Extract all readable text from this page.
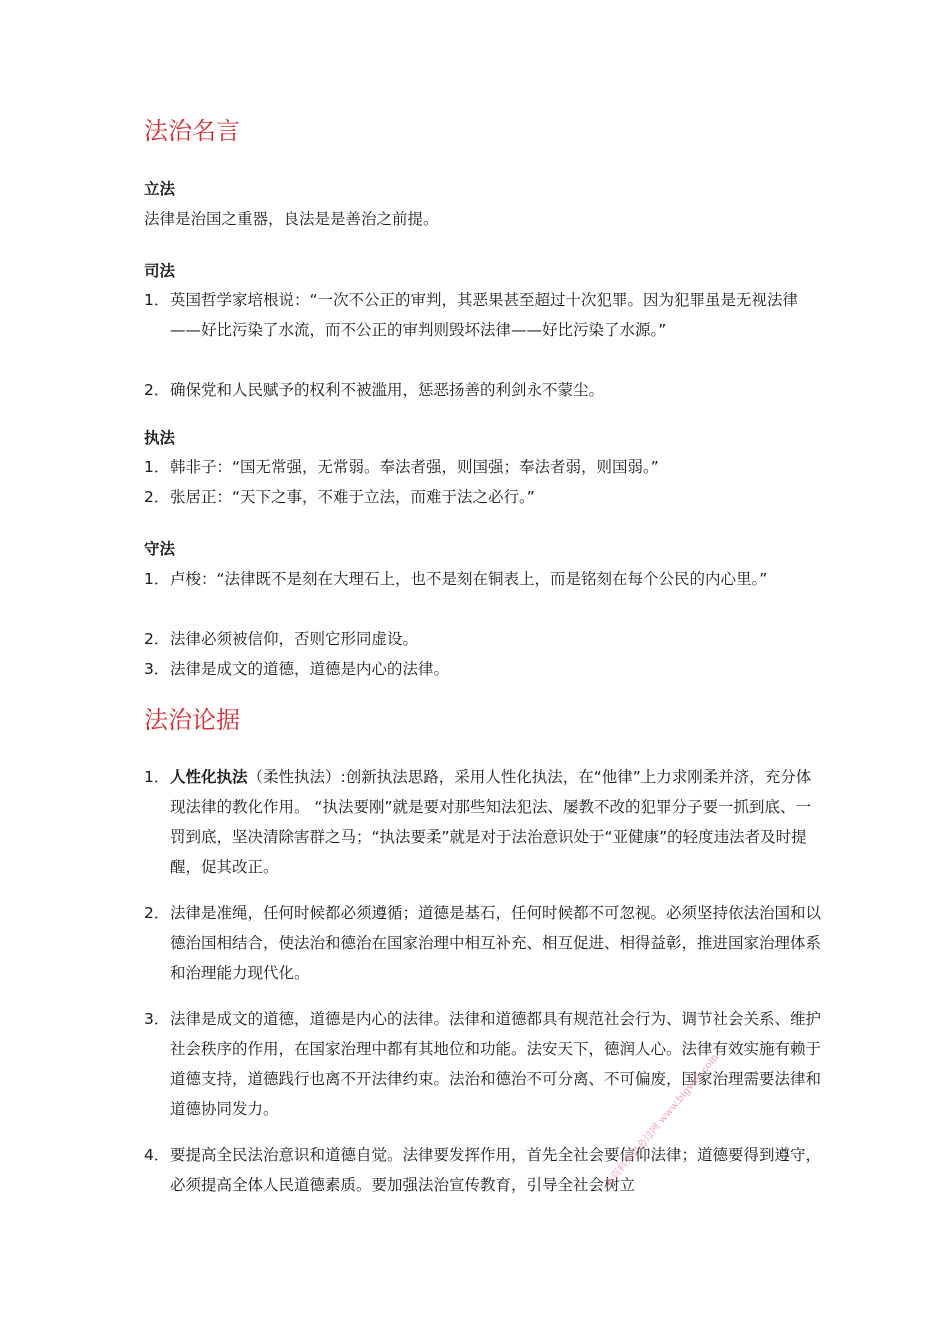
法治名言
立法
法律是治国之重器，良法是是善治之前提。
司法
1． 英国哲学家培根说：“一次不公正的审判，其恶果甚至超过十次犯罪。因为犯罪虽是无视法律——好比污染了水流，而不公正的审判则毁坏法律——好比污染了水源。”
2． 确保党和人民赋予的权利不被滥用，惩恶扬善的利剑永不蒙尘。
执法
1． 韩非子：“国无常强，无常弱。奉法者强，则国强；奉法者弱，则国弱。”
2． 张居正：“天下之事，不难于立法，而难于法之必行。”
守法
1． 卢梭：“法律既不是刻在大理石上，也不是刻在铜表上，而是铭刻在每个公民的内心里。”
2． 法律必须被信仰，否则它形同虚设。
3． 法律是成文的道德，道德是内心的法律。
法治论据
1． 人性化执法（柔性执法）:创新执法思路，采用人性化执法，在“他律”上力求刚柔并济，充分体现法律的教化作用。 “执法要刚”就是要对那些知法犯法、屡教不改的犯罪分子要一抓到底、一罚到底，坚决清除害群之马；“执法要柔”就是对于法治意识处于“亚健康”的轻度违法者及时提醒，促其改正。
2． 法律是准绳，任何时候都必须遵循；道德是基石，任何时候都不可忽视。必须坚持依法治国和以德治国相结合，使法治和德治在国家治理中相互补充、相互促进、相得益彰，推进国家治理体系和治理能力现代化。
3． 法律是成文的道德，道德是内心的法律。法律和道德都具有规范社会行为、调节社会关系、维护社会秩序的作用，在国家治理中都有其地位和功能。法安天下，德润人心。法律有效实施有赖于道德支持，道德践行也离不开法律约束。法治和德治不可分离、不可偏废，国家治理需要法律和道德协同发力。
4． 要提高全民法治意识和道德自觉。法律要发挥作用，首先全社会要信仰法律；道德要得到遵守，必须提高全体人民道德素质。要加强法治宣传教育，引导全社会树立
本资料来自必过网 www.bigvow.com
